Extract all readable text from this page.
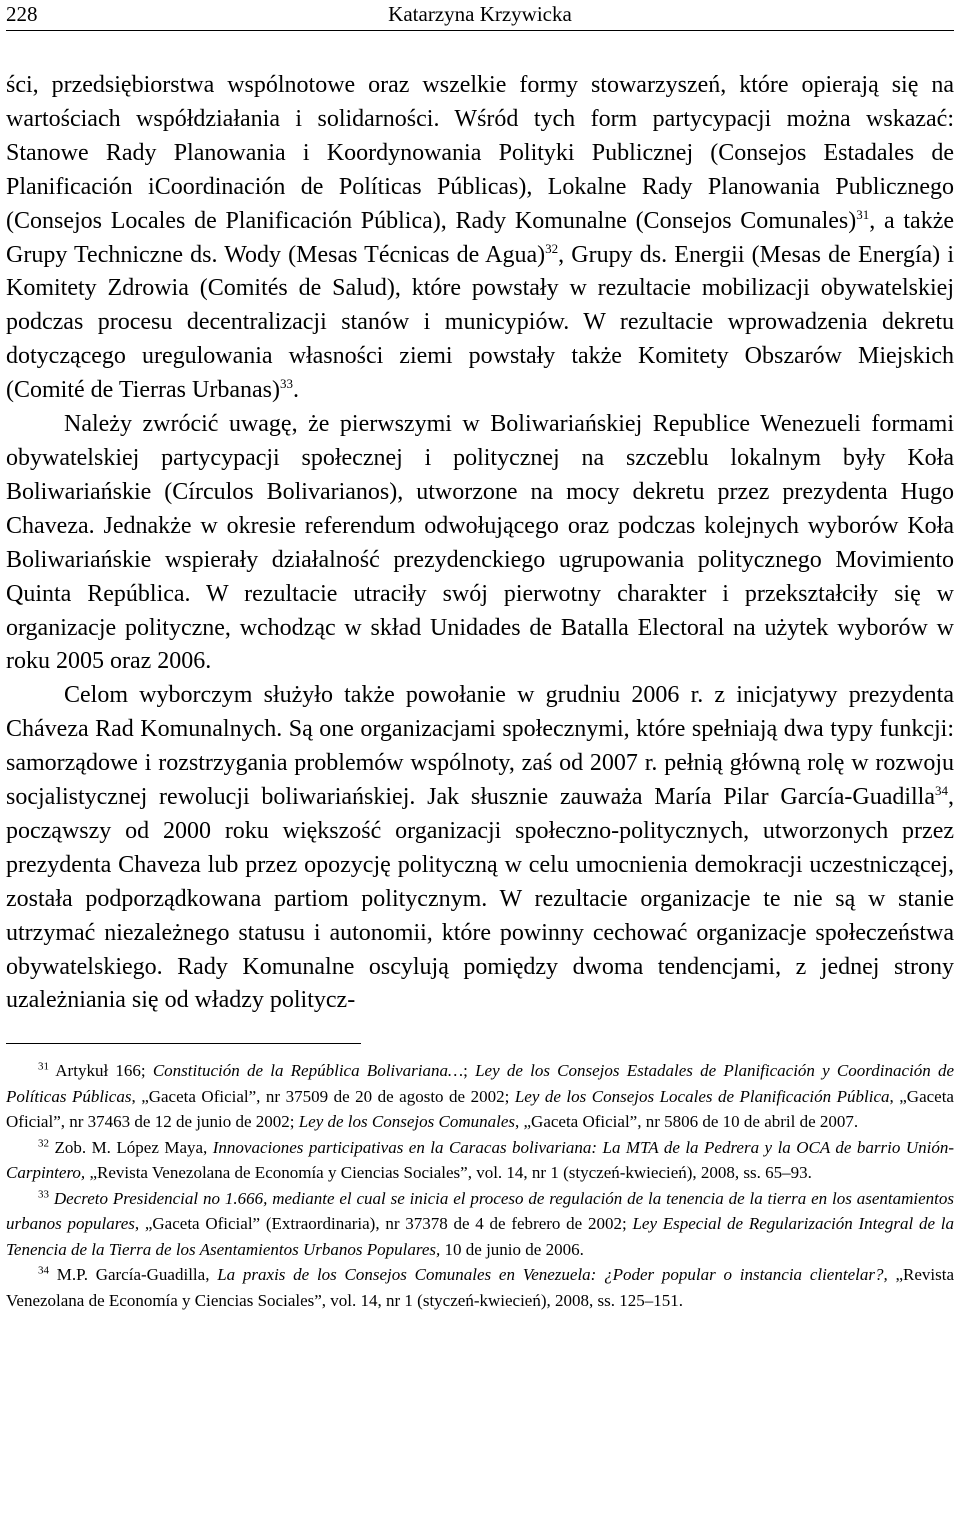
228	Katarzyna Krzywicka

ści, przedsiębiorstwa wspólnotowe oraz wszelkie formy stowarzyszeń, które opierają się na wartościach współdziałania i solidarności. Wśród tych form partycypacji można wskazać: Stanowe Rady Planowania i Koordynowania Polityki Publicznej (Consejos Estadales de Planificación iCoordinación de Políticas Públicas), Lokalne Rady Planowania Publicznego (Consejos Locales de Planificación Pública), Rady Komunalne (Consejos Comunales)$^{31}$, a także Grupy Techniczne ds. Wody (Mesas Técnicas de Agua)$^{32}$, Grupy ds. Energii (Mesas de Energía) i Komitety Zdrowia (Comités de Salud), które powstały w rezultacie mobilizacji obywatelskiej podczas procesu decentralizacji stanów i municypiów. W rezultacie wprowadzenia dekretu dotyczącego uregulowania własności ziemi powstały także Komitety Obszarów Miejskich (Comité de Tierras Urbanas)$^{33}$.

Należy zwrócić uwagę, że pierwszymi w Boliwariańskiej Republice Wenezueli formami obywatelskiej partycypacji społecznej i politycznej na szczeblu lokalnym były Koła Boliwariańskie (Círculos Bolivarianos), utworzone na mocy dekretu przez prezydenta Hugo Chaveza. Jednakże w okresie referendum odwołującego oraz podczas kolejnych wyborów Koła Boliwariańskie wspierały działalność prezydenckiego ugrupowania politycznego Movimiento Quinta República. W rezultacie utraciły swój pierwotny charakter i przekształciły się w organizacje polityczne, wchodząc w skład Unidades de Batalla Electoral na użytek wyborów w roku 2005 oraz 2006.

Celom wyborczym służyło także powołanie w grudniu 2006 r. z inicjatywy prezydenta Cháveza Rad Komunalnych. Są one organizacjami społecznymi, które spełniają dwa typy funkcji: samorządowe i rozstrzygania problemów wspólnoty, zaś od 2007 r. pełnią główną rolę w rozwoju socjalistycznej rewolucji boliwariańskiej. Jak słusznie zauważa María Pilar García-Guadilla$^{34}$, począwszy od 2000 roku większość organizacji społeczno-politycznych, utworzonych przez prezydenta Chaveza lub przez opozycję polityczną w celu umocnienia demokracji uczestniczącej, została podporządkowana partiom politycznym. W rezultacie organizacje te nie są w stanie utrzymać niezależnego statusu i autonomii, które powinny cechować organizacje społeczeństwa obywatelskiego. Rady Komunalne oscylują pomiędzy dwoma tendencjami, z jednej strony uzależniania się od władzy politycz-

$^{31}$ Artykuł 166; Constitución de la República Bolivariana…; Ley de los Consejos Estadales de Planificación y Coordinación de Políticas Públicas, „Gaceta Oficial”, nr 37509 de 20 de agosto de 2002; Ley de los Consejos Locales de Planificación Pública, „Gaceta Oficial”, nr 37463 de 12 de junio de 2002; Ley de los Consejos Comunales, „Gaceta Oficial”, nr 5806 de 10 de abril de 2007.

$^{32}$ Zob. M. López Maya, Innovaciones participativas en la Caracas bolivariana: La MTA de la Pedrera y la OCA de barrio Unión-Carpintero, „Revista Venezolana de Economía y Ciencias Sociales”, vol. 14, nr 1 (styczeń-kwiecień), 2008, ss. 65–93.

$^{33}$ Decreto Presidencial no 1.666, mediante el cual se inicia el proceso de regulación de la tenencia de la tierra en los asentamientos urbanos populares, „Gaceta Oficial” (Extraordinaria), nr 37378 de 4 de febrero de 2002; Ley Especial de Regularización Integral de la Tenencia de la Tierra de los Asentamientos Urbanos Populares, 10 de junio de 2006.

$^{34}$ M.P. García-Guadilla, La praxis de los Consejos Comunales en Venezuela: ¿Poder popular o instancia clientelar?, „Revista Venezolana de Economía y Ciencias Sociales”, vol. 14, nr 1 (styczeń-kwiecień), 2008, ss. 125–151.
